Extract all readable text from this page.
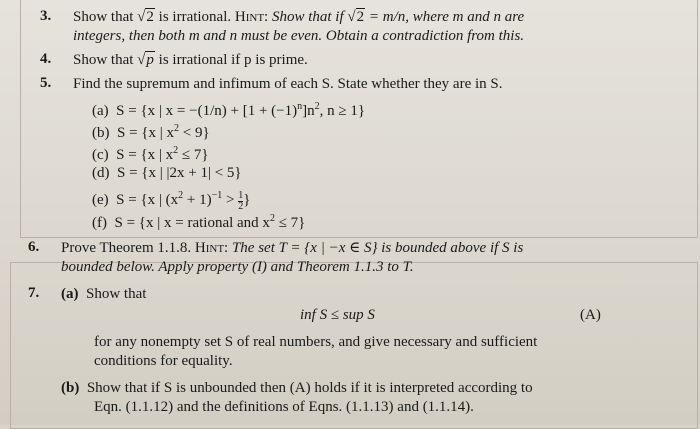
3. Show that √2 is irrational. Hint: Show that if √2 = m/n, where m and n are
integers, then both m and n must be even. Obtain a contradiction from this.
4. Show that √p is irrational if p is prime.
5. Find the supremum and infimum of each S. State whether they are in S.
(a) S = {x | $x = -(1/n) + [1 + (-1)^n]n^2$, n ≥ 1}
(b) S = {x | $x^2 < 9$}
(c) S = {x | $x^2 \le 7$}
(d) S = {x | |2x + 1| < 5}
(e) S = {x | $(x^2 + 1)^{-1} > \frac{1}{2}$ }
(f) S = {x | x = rational and $x^2 \le 7$}
6. Prove Theorem 1.1.8. Hint: The set T = {x | −x ∈ S} is bounded above if S is
bounded below. Apply property (I) and Theorem 1.1.3 to T.
7. (a) Show that
inf S ≤ sup S	(A)
for any nonempty set S of real numbers, and give necessary and sufficient
conditions for equality.
(b) Show that if S is unbounded then (A) holds if it is interpreted according to
Eqn. (1.1.12) and the definitions of Eqns. (1.1.13) and (1.1.14).
